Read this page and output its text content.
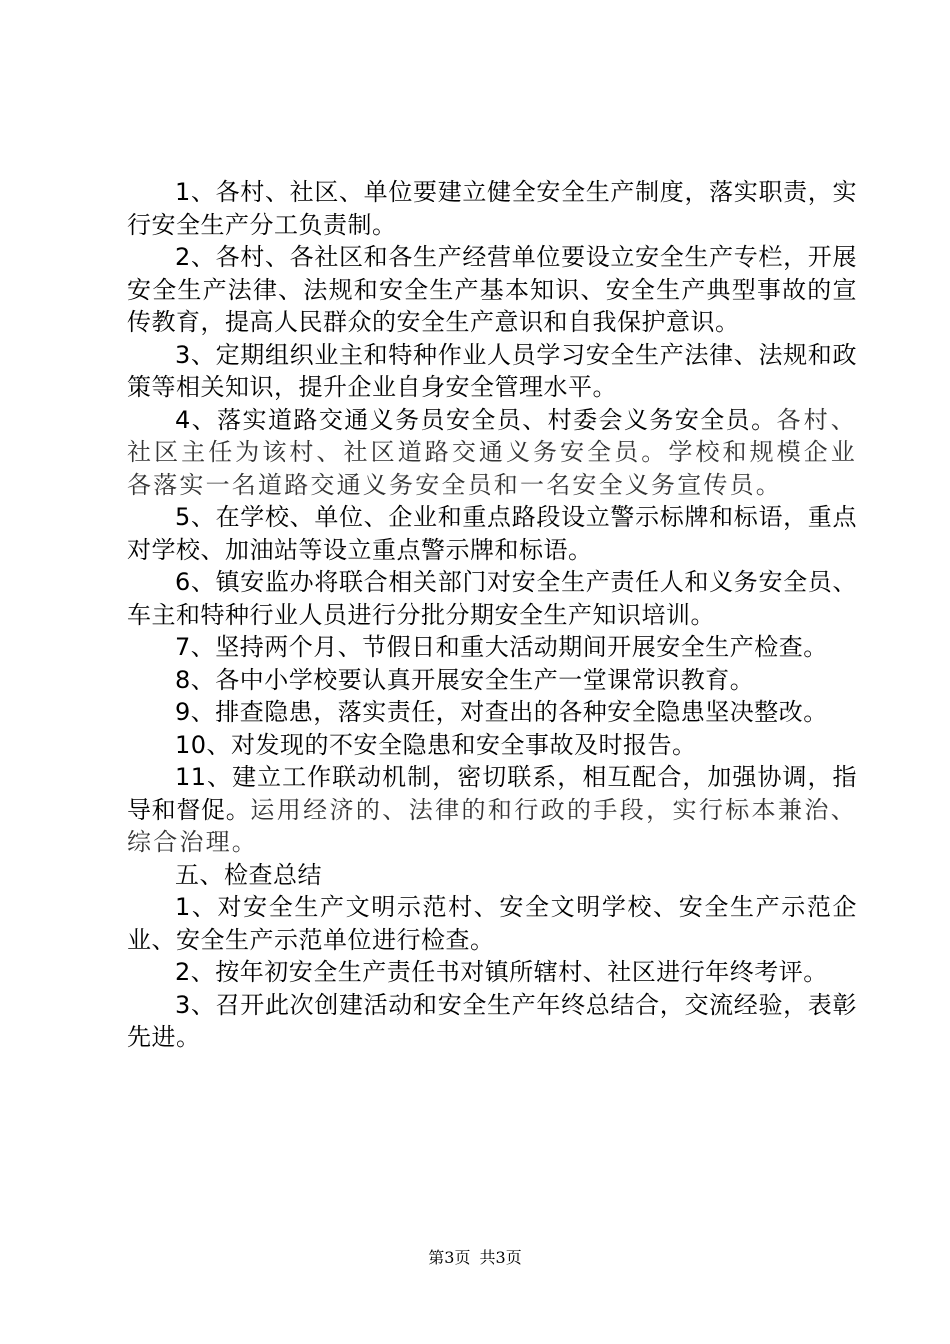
1、各村、社区、单位要建立健全安全生产制度，落实职责，实行安全生产分工负责制。

2、各村、各社区和各生产经营单位要设立安全生产专栏，开展安全生产法律、法规和安全生产基本知识、安全生产典型事故的宣传教育，提高人民群众的安全生产意识和自我保护意识。

3、定期组织业主和特种作业人员学习安全生产法律、法规和政策等相关知识，提升企业自身安全管理水平。

4、落实道路交通义务员安全员、村委会义务安全员。各村、社区主任为该村、社区道路交通义务安全员。学校和规模企业各落实一名道路交通义务安全员和一名安全义务宣传员。

5、在学校、单位、企业和重点路段设立警示标牌和标语，重点对学校、加油站等设立重点警示牌和标语。

6、镇安监办将联合相关部门对安全生产责任人和义务安全员、车主和特种行业人员进行分批分期安全生产知识培训。

7、坚持两个月、节假日和重大活动期间开展安全生产检查。

8、各中小学校要认真开展安全生产一堂课常识教育。

9、排查隐患，落实责任，对查出的各种安全隐患坚决整改。

10、对发现的不安全隐患和安全事故及时报告。

11、建立工作联动机制，密切联系，相互配合，加强协调，指导和督促。运用经济的、法律的和行政的手段，实行标本兼治、综合治理。

五、检查总结

1、对安全生产文明示范村、安全文明学校、安全生产示范企业、安全生产示范单位进行检查。

2、按年初安全生产责任书对镇所辖村、社区进行年终考评。

3、召开此次创建活动和安全生产年终总结合，交流经验，表彰先进。

第3页 共3页
